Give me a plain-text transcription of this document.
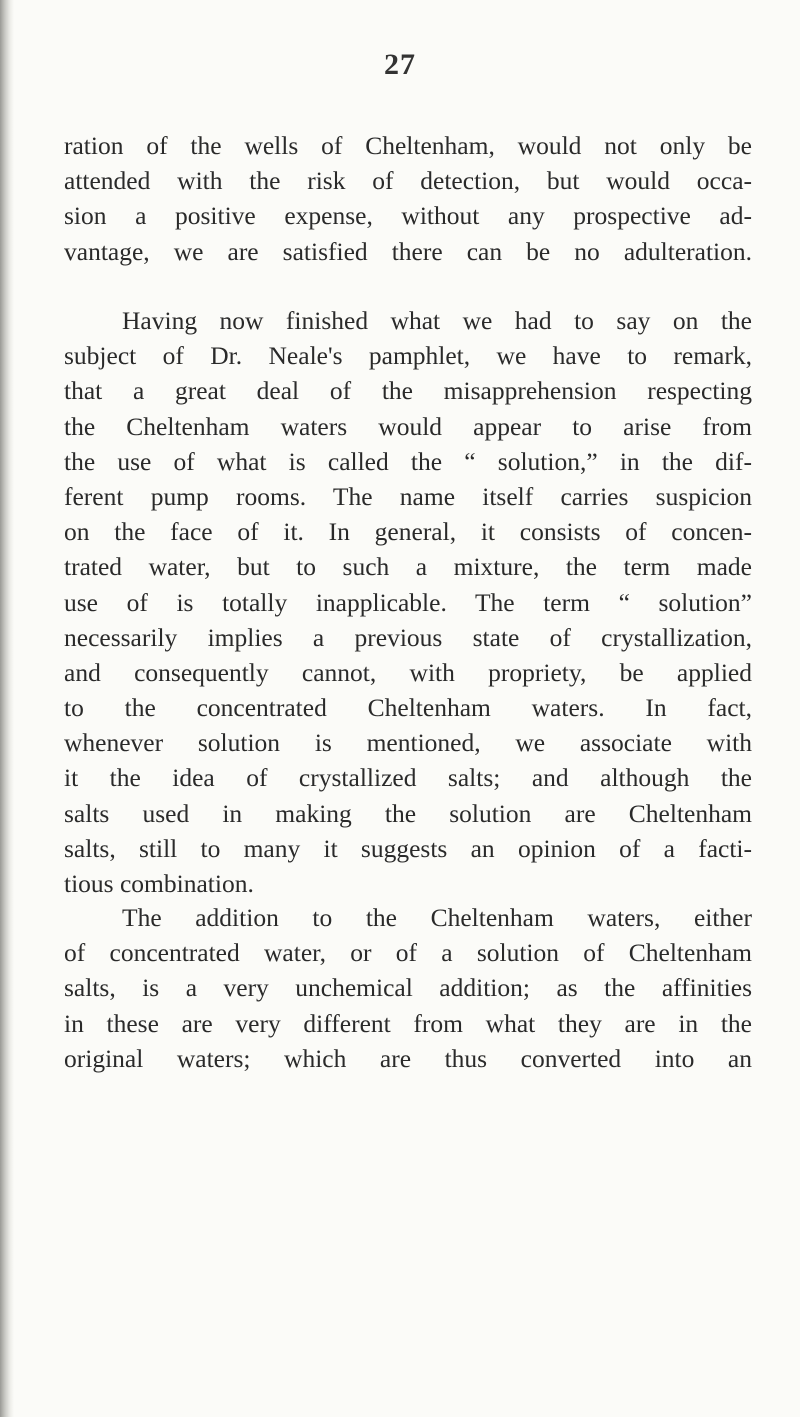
27
ration of the wells of Cheltenham, would not only be
attended with the risk of detection, but would occa-
sion a positive expense, without any prospective ad-
vantage, we are satisfied there can be no adulteration.
Having now finished what we had to say on the
subject of Dr. Neale's pamphlet, we have to remark,
that a great deal of the misapprehension respecting
the Cheltenham waters would appear to arise from
the use of what is called the “ solution,” in the dif-
ferent pump rooms. The name itself carries suspicion
on the face of it. In general, it consists of concen-
trated water, but to such a mixture, the term made
use of is totally inapplicable. The term “ solution”
necessarily implies a previous state of crystallization,
and consequently cannot, with propriety, be applied
to the concentrated Cheltenham waters. In fact,
whenever solution is mentioned, we associate with
it the idea of crystallized salts; and although the
salts used in making the solution are Cheltenham
salts, still to many it suggests an opinion of a facti-
tious combination.
The addition to the Cheltenham waters, either
of concentrated water, or of a solution of Cheltenham
salts, is a very unchemical addition; as the affinities
in these are very different from what they are in the
original waters; which are thus converted into an
